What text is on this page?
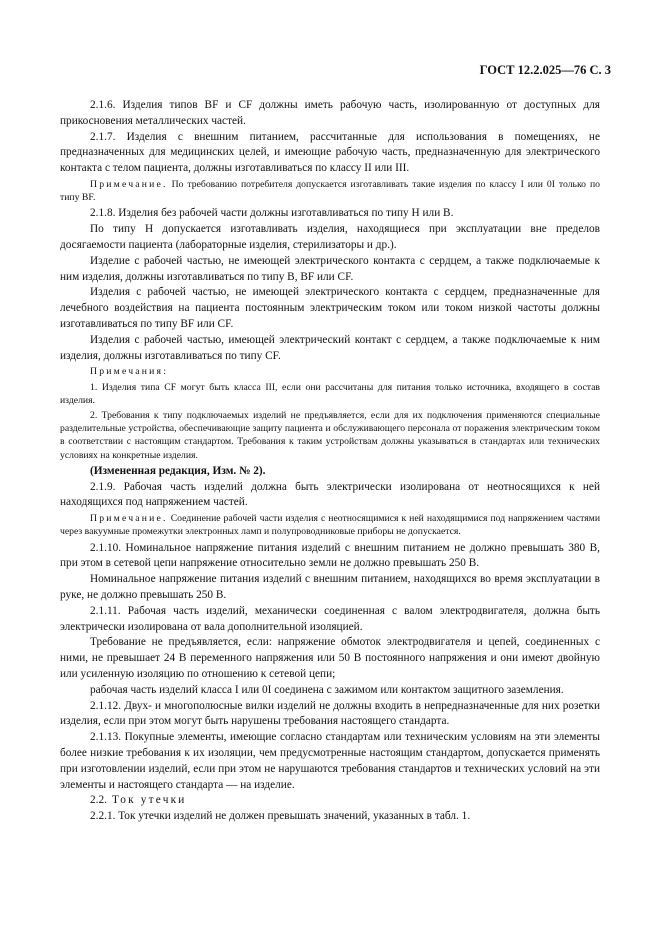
ГОСТ 12.2.025—76 С. 3

2.1.6. Изделия типов BF и CF должны иметь рабочую часть, изолированную от доступных для прикосновения металлических частей.

2.1.7. Изделия с внешним питанием, рассчитанные для использования в помещениях, не предназначенных для медицинских целей, и имеющие рабочую часть, предназначенную для электрического контакта с телом пациента, должны изготавливаться по классу II или III.

Примечание. По требованию потребителя допускается изготавливать такие изделия по классу I или 0I только по типу BF.

2.1.8. Изделия без рабочей части должны изготавливаться по типу Н или В.

По типу Н допускается изготавливать изделия, находящиеся при эксплуатации вне пределов досягаемости пациента (лабораторные изделия, стерилизаторы и др.).

Изделие с рабочей частью, не имеющей электрического контакта с сердцем, а также подключаемые к ним изделия, должны изготавливаться по типу В, BF или CF.

Изделия с рабочей частью, не имеющей электрического контакта с сердцем, предназначенные для лечебного воздействия на пациента постоянным электрическим током или током низкой частоты должны изготавливаться по типу BF или CF.

Изделия с рабочей частью, имеющей электрический контакт с сердцем, а также подключаемые к ним изделия, должны изготавливаться по типу CF.

Примечания:

1. Изделия типа CF могут быть класса III, если они рассчитаны для питания только источника, входящего в состав изделия.

2. Требования к типу подключаемых изделий не предъявляется, если для их подключения применяются специальные разделительные устройства, обеспечивающие защиту пациента и обслуживающего персонала от поражения электрическим током в соответствии с настоящим стандартом. Требования к таким устройствам должны указываться в стандартах или технических условиях на конкретные изделия.

(Измененная редакция, Изм. № 2).

2.1.9. Рабочая часть изделий должна быть электрически изолирована от неотносящихся к ней находящихся под напряжением частей.

Примечание. Соединение рабочей части изделия с неотносящимися к ней находящимися под напряжением частями через вакуумные промежутки электронных ламп и полупроводниковые приборы не допускается.

2.1.10. Номинальное напряжение питания изделий с внешним питанием не должно превышать 380 В, при этом в сетевой цепи напряжение относительно земли не должно превышать 250 В.

Номинальное напряжение питания изделий с внешним питанием, находящихся во время эксплуатации в руке, не должно превышать 250 В.

2.1.11. Рабочая часть изделий, механически соединенная с валом электродвигателя, должна быть электрически изолирована от вала дополнительной изоляцией.

Требование не предъявляется, если: напряжение обмоток электродвигателя и цепей, соединенных с ними, не превышает 24 В переменного напряжения или 50 В постоянного напряжения и они имеют двойную или усиленную изоляцию по отношению к сетевой цепи;

рабочая часть изделий класса I или 0I соединена с зажимом или контактом защитного заземления.

2.1.12. Двух- и многополюсные вилки изделий не должны входить в непредназначенные для них розетки изделия, если при этом могут быть нарушены требования настоящего стандарта.

2.1.13. Покупные элементы, имеющие согласно стандартам или техническим условиям на эти элементы более низкие требования к их изоляции, чем предусмотренные настоящим стандартом, допускается применять при изготовлении изделий, если при этом не нарушаются требования стандартов и технических условий на эти элементы и настоящего стандарта — на изделие.

2.2. Ток утечки

2.2.1. Ток утечки изделий не должен превышать значений, указанных в табл. 1.
